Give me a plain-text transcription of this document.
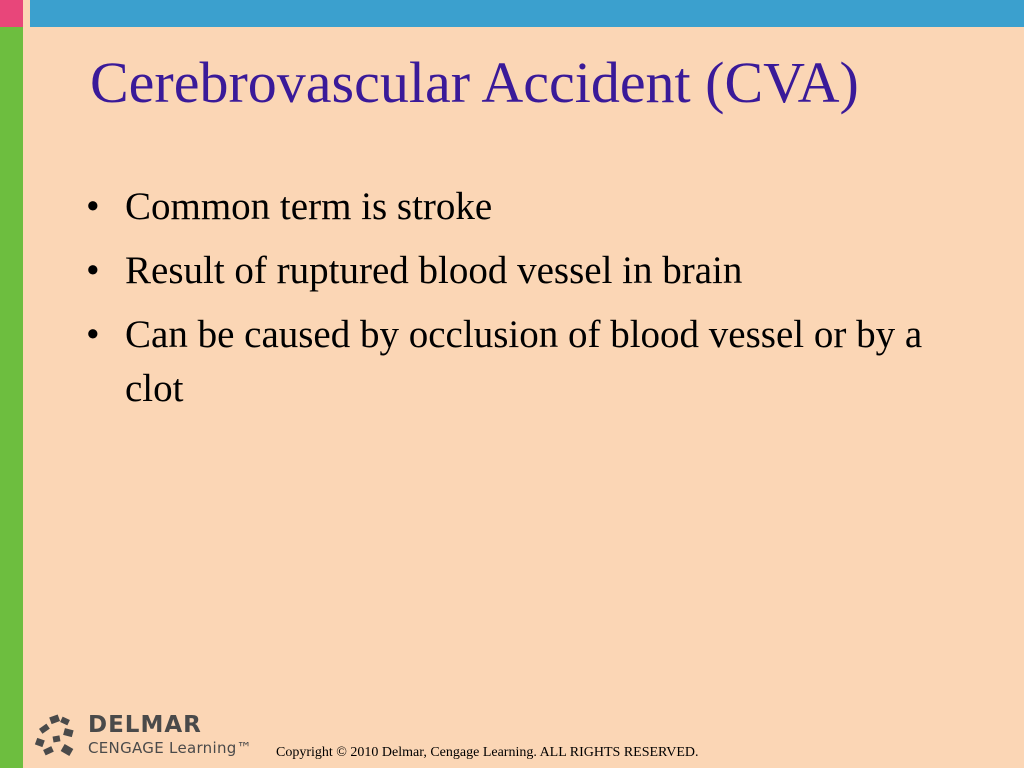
Cerebrovascular Accident (CVA)
• Common term is stroke
• Result of ruptured blood vessel in brain
• Can be caused by occlusion of blood vessel or by a clot
DELMAR
CENGAGE Learning™ Copyright © 2010 Delmar, Cengage Learning. ALL RIGHTS RESERVED.
